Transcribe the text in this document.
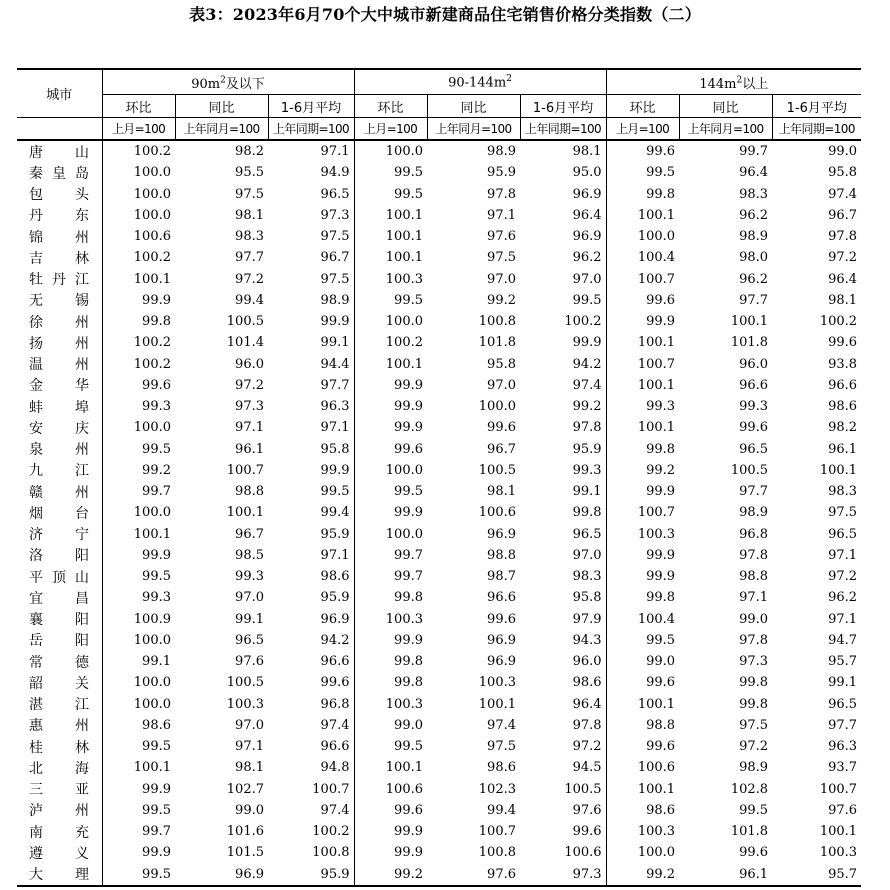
表3：2023年6月70个大中城市新建商品住宅销售价格分类指数（二）
城市	$90m^2$及以下			$90-144m^2$			$144m^2$以上		
	环比	同比	1-6月平均	环比	同比	1-6月平均	环比	同比	1-6月平均
	上月=100	上年同月=100	上年同期=100	上月=100	上年同月=100	上年同期=100	上月=100	上年同月=100	上年同期=100
唐山	100.2	98.2	97.1	100.0	98.9	98.1	99.6	99.7	99.0
秦皇岛	100.0	95.5	94.9	99.5	95.9	95.0	99.5	96.4	95.8
包头	100.0	97.5	96.5	99.5	97.8	96.9	99.8	98.3	97.4
丹东	100.0	98.1	97.3	100.1	97.1	96.4	100.1	96.2	96.7
锦州	100.6	98.3	97.5	100.1	97.6	96.9	100.0	98.9	97.8
吉林	100.2	97.7	96.7	100.1	97.5	96.2	100.4	98.0	97.2
牡丹江	100.1	97.2	97.5	100.3	97.0	97.0	100.7	96.2	96.4
无锡	99.9	99.4	98.9	99.5	99.2	99.5	99.6	97.7	98.1
徐州	99.8	100.5	99.9	100.0	100.8	100.2	99.9	100.1	100.2
扬州	100.2	101.4	99.1	100.2	101.8	99.9	100.1	101.8	99.6
温州	100.2	96.0	94.4	100.1	95.8	94.2	100.7	96.0	93.8
金华	99.6	97.2	97.7	99.9	97.0	97.4	100.1	96.6	96.6
蚌埠	99.3	97.3	96.3	99.9	100.0	99.2	99.3	99.3	98.6
安庆	100.0	97.1	97.1	99.9	99.6	97.8	100.1	99.6	98.2
泉州	99.5	96.1	95.8	99.6	96.7	95.9	99.8	96.5	96.1
九江	99.2	100.7	99.9	100.0	100.5	99.3	99.2	100.5	100.1
赣州	99.7	98.8	99.5	99.5	98.1	99.1	99.9	97.7	98.3
烟台	100.0	100.1	99.4	99.9	100.6	99.8	100.7	98.9	97.5
济宁	100.1	96.7	95.9	100.0	96.9	96.5	100.3	96.8	96.5
洛阳	99.9	98.5	97.1	99.7	98.8	97.0	99.9	97.8	97.1
平顶山	99.5	99.3	98.6	99.7	98.7	98.3	99.9	98.8	97.2
宜昌	99.3	97.0	95.9	99.8	96.6	95.8	99.8	97.1	96.2
襄阳	100.9	99.1	96.9	100.3	99.6	97.9	100.4	99.0	97.1
岳阳	100.0	96.5	94.2	99.9	96.9	94.3	99.5	97.8	94.7
常德	99.1	97.6	96.6	99.8	96.9	96.0	99.0	97.3	95.7
韶关	100.0	100.5	99.6	99.8	100.3	98.6	99.6	99.8	99.1
湛江	100.0	100.3	96.8	100.3	100.1	96.4	100.1	99.8	96.5
惠州	98.6	97.0	97.4	99.0	97.4	97.8	98.8	97.5	97.7
桂林	99.5	97.1	96.6	99.5	97.5	97.2	99.6	97.2	96.3
北海	100.1	98.1	94.8	100.1	98.6	94.5	100.6	98.9	93.7
三亚	99.9	102.7	100.7	100.6	102.3	100.5	100.1	102.8	100.7
泸州	99.5	99.0	97.4	99.6	99.4	97.6	98.6	99.5	97.6
南充	99.7	101.6	100.2	99.9	100.7	99.6	100.3	101.8	100.1
遵义	99.9	101.5	100.8	99.9	100.8	100.6	100.0	99.6	100.3
大理	99.5	96.9	95.9	99.2	97.6	97.3	99.2	96.1	95.7
